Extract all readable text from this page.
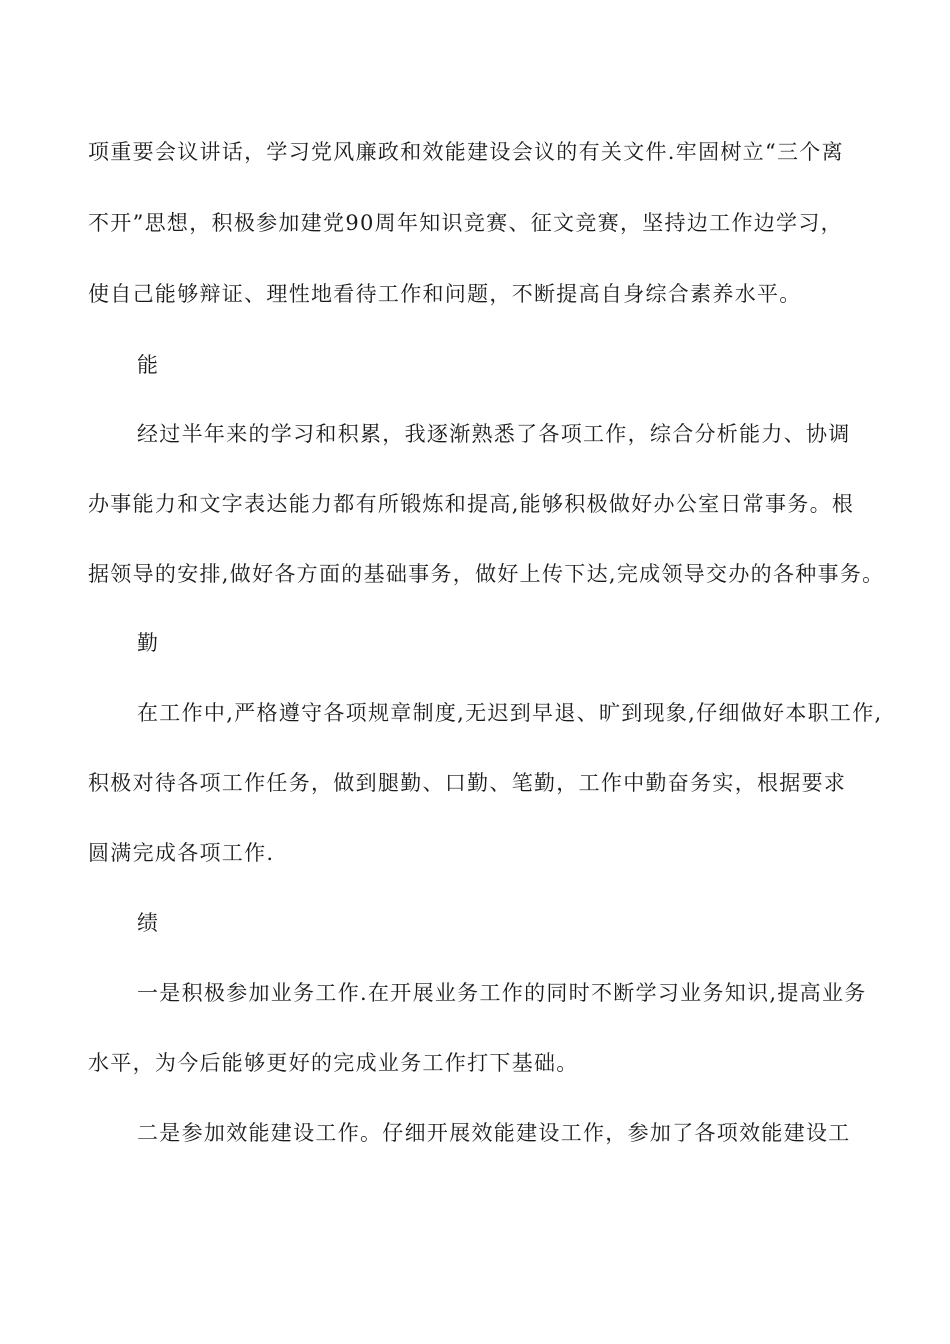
项重要会议讲话，学习党风廉政和效能建设会议的有关文件.牢固树立“三个离
不开”思想，积极参加建党90周年知识竞赛、征文竞赛，坚持边工作边学习，
使自己能够辩证、理性地看待工作和问题，不断提高自身综合素养水平。
能
经过半年来的学习和积累，我逐渐熟悉了各项工作，综合分析能力、协调
办事能力和文字表达能力都有所锻炼和提高,能够积极做好办公室日常事务。根
据领导的安排,做好各方面的基础事务，做好上传下达,完成领导交办的各种事务。
勤
在工作中,严格遵守各项规章制度,无迟到早退、旷到现象,仔细做好本职工作,
积极对待各项工作任务，做到腿勤、口勤、笔勤，工作中勤奋务实，根据要求
圆满完成各项工作.
绩
一是积极参加业务工作.在开展业务工作的同时不断学习业务知识,提高业务
水平，为今后能够更好的完成业务工作打下基础。
二是参加效能建设工作。仔细开展效能建设工作，参加了各项效能建设工
